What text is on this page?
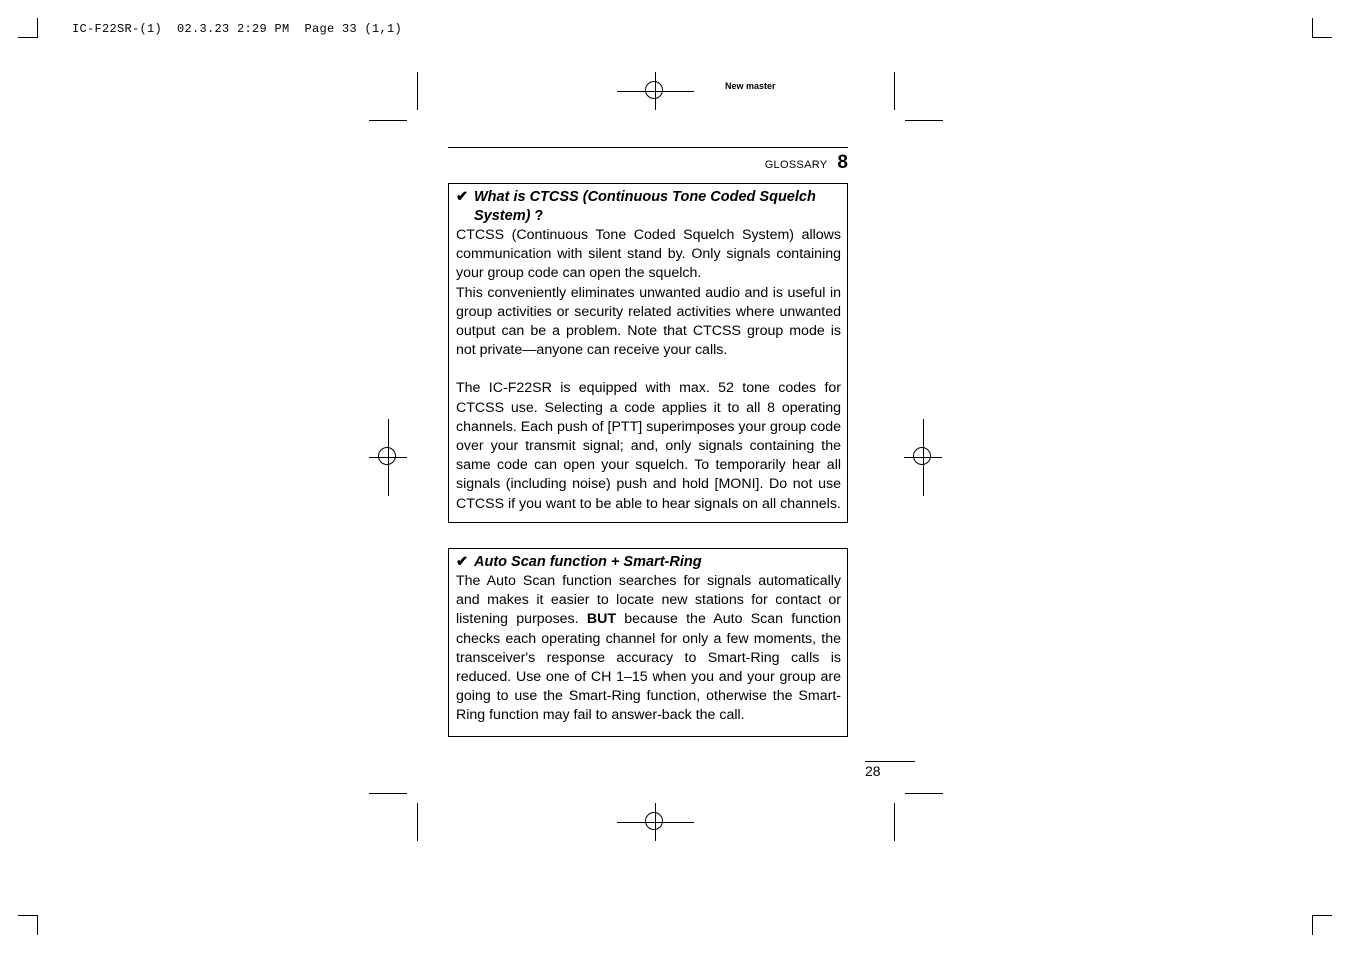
IC-F22SR-(1)  02.3.23 2:29 PM  Page 33 (1,1)
New master
GLOSSARY 8
✔ What is CTCSS (Continuous Tone Coded Squelch System) ?

CTCSS (Continuous Tone Coded Squelch System) allows communication with silent stand by. Only signals containing your group code can open the squelch.

This conveniently eliminates unwanted audio and is useful in group activities or security related activities where unwanted output can be a problem. Note that CTCSS group mode is not private—anyone can receive your calls.

The IC-F22SR is equipped with max. 52 tone codes for CTCSS use. Selecting a code applies it to all 8 operating channels. Each push of [PTT] superimposes your group code over your transmit signal; and, only signals containing the same code can open your squelch. To temporarily hear all signals (including noise) push and hold [MONI]. Do not use CTCSS if you want to be able to hear signals on all channels.

✔ Auto Scan function + Smart-Ring

The Auto Scan function searches for signals automatically and makes it easier to locate new stations for contact or listening purposes. BUT because the Auto Scan function checks each operating channel for only a few moments, the transceiver's response accuracy to Smart-Ring calls is reduced. Use one of CH 1–15 when you and your group are going to use the Smart-Ring function, otherwise the Smart-Ring function may fail to answer-back the call.

28
